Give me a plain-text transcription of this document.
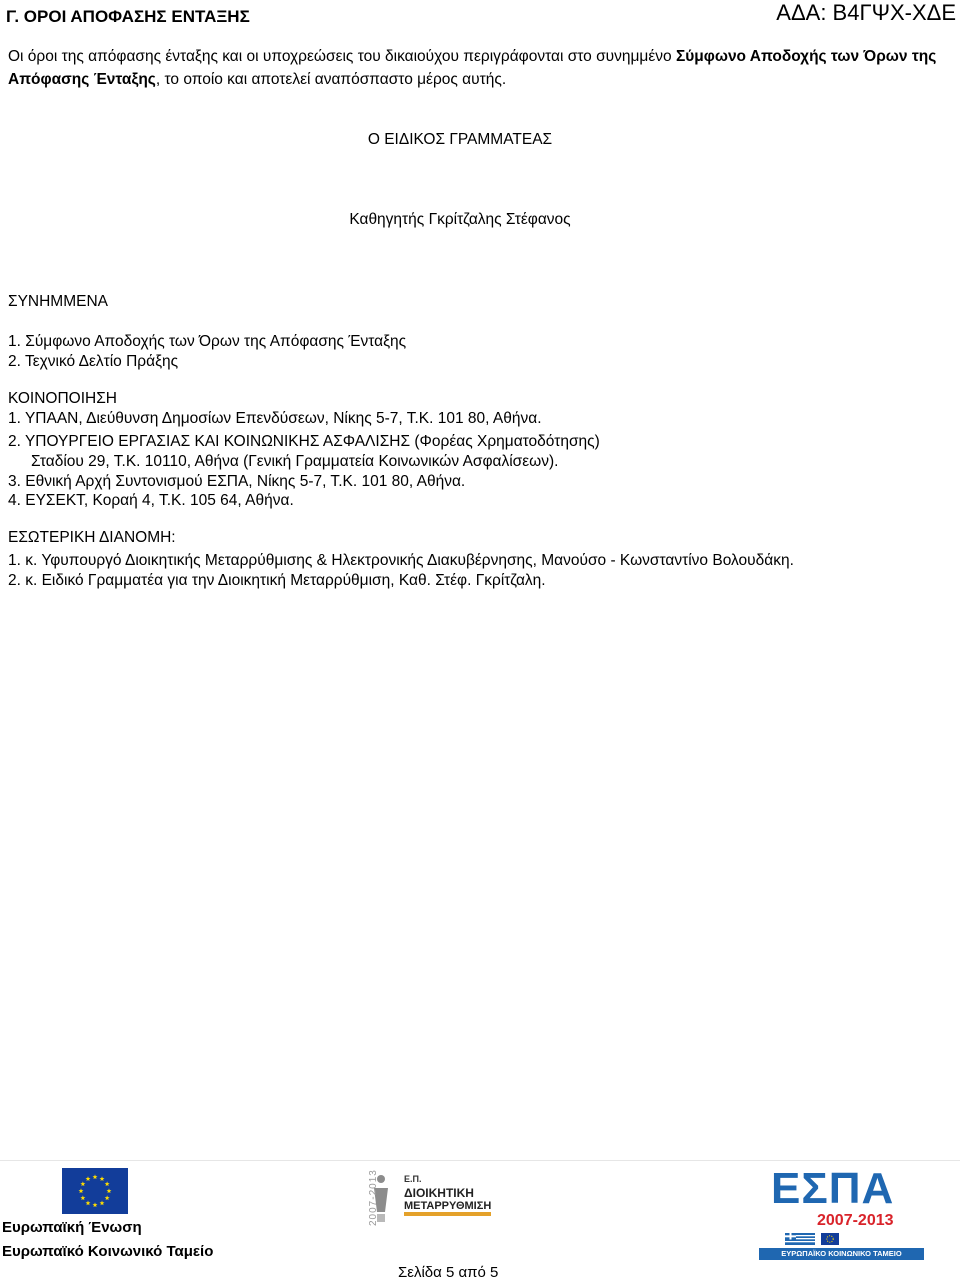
Γ. ΟΡΟΙ ΑΠΟΦΑΣΗΣ ΕΝΤΑΞΗΣ	ΑΔΑ: Β4ΓΨΧ-ΧΔΕ
Οι όροι της απόφασης ένταξης και οι υποχρεώσεις του δικαιούχου περιγράφονται στο συνημμένο Σύμφωνο Αποδοχής των Όρων της Απόφασης Ένταξης, το οποίο και αποτελεί αναπόσπαστο μέρος αυτής.
Ο ΕΙΔΙΚΟΣ ΓΡΑΜΜΑΤΕΑΣ
Καθηγητής Γκρίτζαλης Στέφανος
ΣΥΝΗΜΜΕΝΑ
1. Σύμφωνο Αποδοχής των Όρων της Απόφασης Ένταξης
2. Τεχνικό Δελτίο Πράξης
ΚΟΙΝΟΠΟΙΗΣΗ
1. ΥΠΑΑΝ, Διεύθυνση Δημοσίων Επενδύσεων, Νίκης 5-7, Τ.Κ. 101 80, Αθήνα.
2. ΥΠΟΥΡΓΕΙΟ ΕΡΓΑΣΙΑΣ ΚΑΙ ΚΟΙΝΩΝΙΚΗΣ ΑΣΦΑΛΙΣΗΣ (Φορέας Χρηματοδότησης)
Σταδίου 29, Τ.Κ. 10110, Αθήνα (Γενική Γραμματεία Κοινωνικών Ασφαλίσεων).
3. Εθνική Αρχή Συντονισμού ΕΣΠΑ, Νίκης 5-7, Τ.Κ. 101 80, Αθήνα.
4. ΕΥΣΕΚΤ, Κοραή 4, Τ.Κ. 105 64, Αθήνα.
ΕΣΩΤΕΡΙΚΗ ΔΙΑΝΟΜΗ:
1. κ. Υφυπουργό Διοικητικής Μεταρρύθμισης & Ηλεκτρονικής Διακυβέρνησης, Μανούσο - Κωνσταντίνο Βολουδάκη.
2. κ. Ειδικό Γραμματέα για την Διοικητική Μεταρρύθμιση, Καθ. Στέφ. Γκρίτζαλη.
Ευρωπαϊκή Ένωση
Ευρωπαϊκό Κοινωνικό Ταμείο
2007-2013	Ε.Π.
ΔΙΟΙΚΗΤΙΚΗ
ΜΕΤΑΡΡΥΘΜΙΣΗ	ΕΣΠΑ
2007-2013
ΕΥΡΩΠΑΪΚΟ ΚΟΙΝΩΝΙΚΟ ΤΑΜΕΙΟ
Σελίδα 5 από 5
